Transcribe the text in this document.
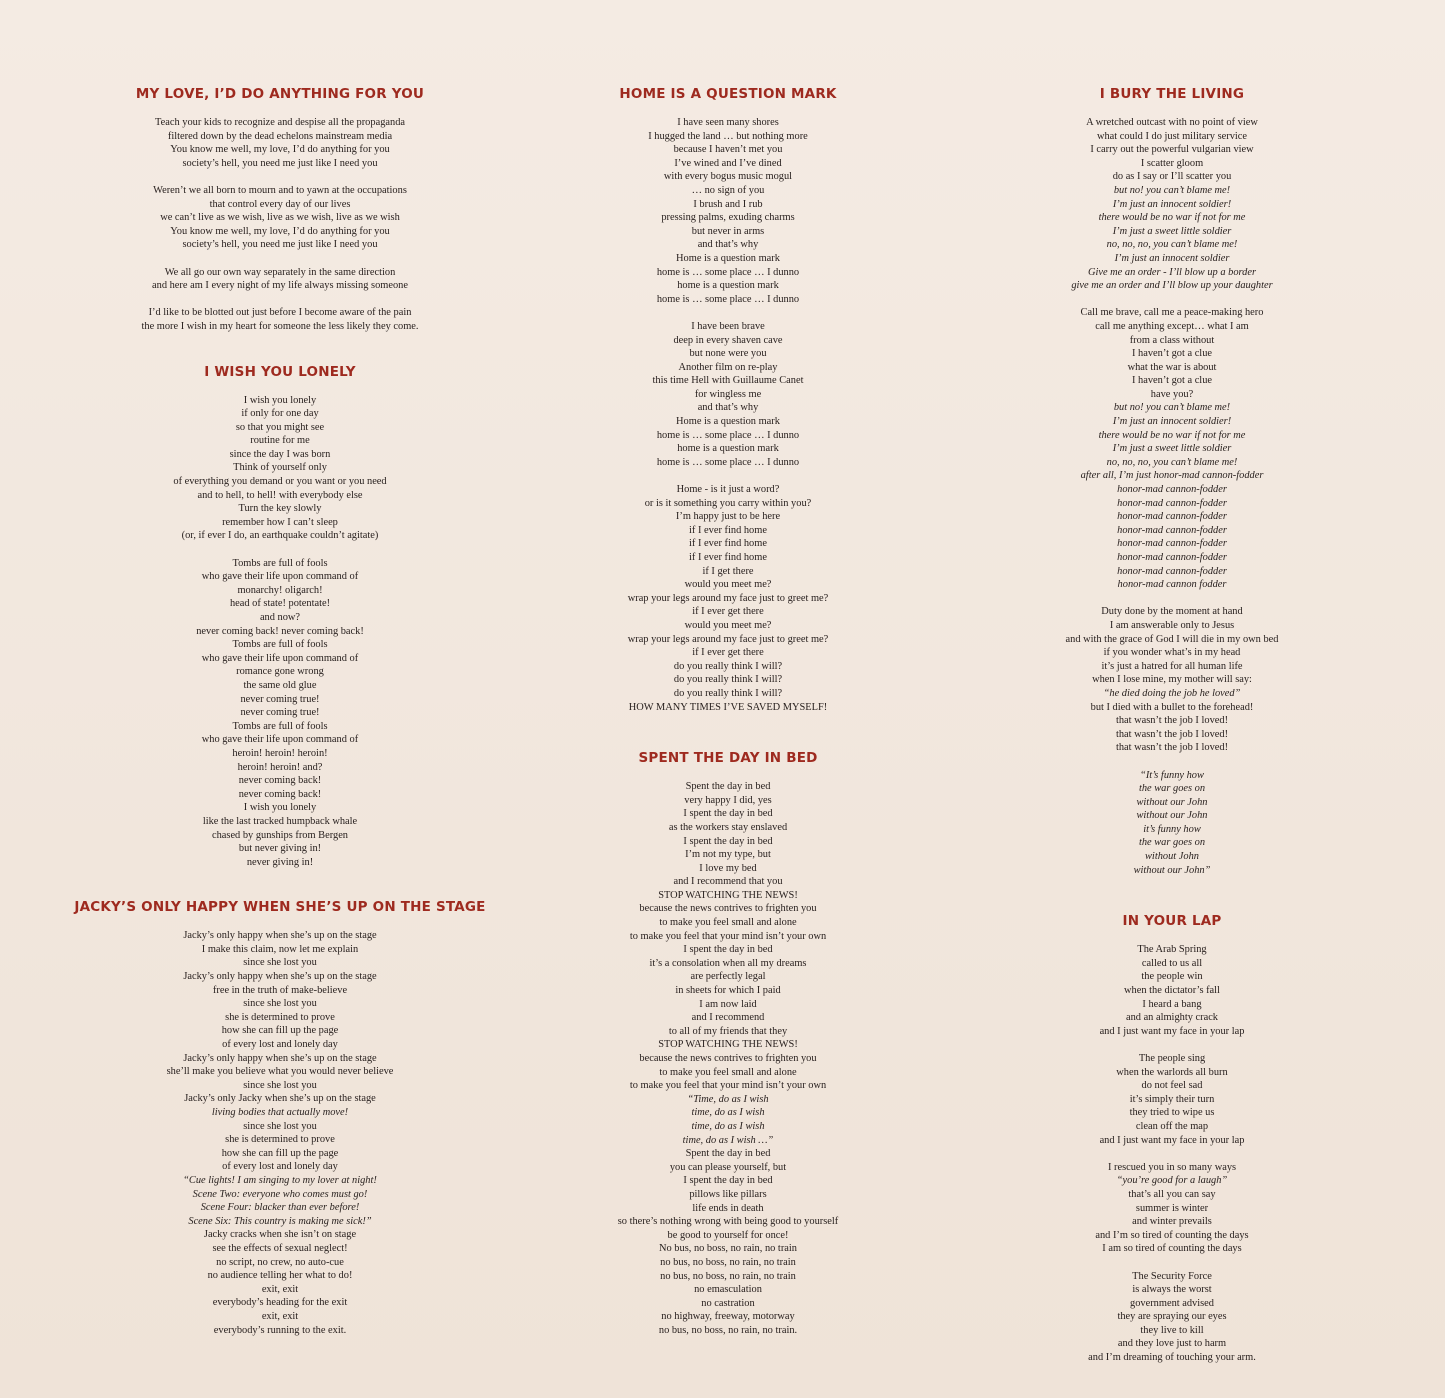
MY LOVE, I’D DO ANYTHING FOR YOU
Teach your kids to recognize and despise all the propaganda
filtered down by the dead echelons mainstream media
You know me well, my love, I’d do anything for you
society’s hell, you need me just like I need you
Weren’t we all born to mourn and to yawn at the occupations
that control every day of our lives
we can’t live as we wish, live as we wish, live as we wish
You know me well, my love, I’d do anything for you
society’s hell, you need me just like I need you
We all go our own way separately in the same direction
and here am I every night of my life always missing someone
I’d like to be blotted out just before I become aware of the pain
the more I wish in my heart for someone the less likely they come.
I WISH YOU LONELY
I wish you lonely
if only for one day
so that you might see
routine for me
since the day I was born
Think of yourself only
of everything you demand or you want or you need
and to hell, to hell! with everybody else
Turn the key slowly
remember how I can’t sleep
(or, if ever I do, an earthquake couldn’t agitate)
Tombs are full of fools
who gave their life upon command of
monarchy! oligarch!
head of state! potentate!
and now?
never coming back! never coming back!
Tombs are full of fools
who gave their life upon command of
romance gone wrong
the same old glue
never coming true!
never coming true!
Tombs are full of fools
who gave their life upon command of
heroin! heroin! heroin!
heroin! heroin! and?
never coming back!
never coming back!
I wish you lonely
like the last tracked humpback whale
chased by gunships from Bergen
but never giving in!
never giving in!
JACKY’S ONLY HAPPY WHEN SHE’S UP ON THE STAGE
Jacky’s only happy when she’s up on the stage
I make this claim, now let me explain
since she lost you
Jacky’s only happy when she’s up on the stage
free in the truth of make-believe
since she lost you
she is determined to prove
how she can fill up the page
of every lost and lonely day
Jacky’s only happy when she’s up on the stage
she’ll make you believe what you would never believe
since she lost you
Jacky’s only Jacky when she’s up on the stage
living bodies that actually move!
since she lost you
she is determined to prove
how she can fill up the page
of every lost and lonely day
“Cue lights! I am singing to my lover at night!
Scene Two: everyone who comes must go!
Scene Four: blacker than ever before!
Scene Six: This country is making me sick!”
Jacky cracks when she isn’t on stage
see the effects of sexual neglect!
no script, no crew, no auto-cue
no audience telling her what to do!
exit, exit
everybody’s heading for the exit
exit, exit
everybody’s running to the exit.
HOME IS A QUESTION MARK
I have seen many shores
I hugged the land … but nothing more
because I haven’t met you
I’ve wined and I’ve dined
with every bogus music mogul
… no sign of you
I brush and I rub
pressing palms, exuding charms
but never in arms
and that’s why
Home is a question mark
home is … some place … I dunno
home is a question mark
home is … some place … I dunno
I have been brave
deep in every shaven cave
but none were you
Another film on re-play
this time Hell with Guillaume Canet
for wingless me
and that’s why
Home is a question mark
home is … some place … I dunno
home is a question mark
home is … some place … I dunno
Home - is it just a word?
or is it something you carry within you?
I’m happy just to be here
if I ever find home
if I ever find home
if I ever find home
if I get there
would you meet me?
wrap your legs around my face just to greet me?
if I ever get there
would you meet me?
wrap your legs around my face just to greet me?
if I ever get there
do you really think I will?
do you really think I will?
do you really think I will?
HOW MANY TIMES I’VE SAVED MYSELF!
SPENT THE DAY IN BED
Spent the day in bed
very happy I did, yes
I spent the day in bed
as the workers stay enslaved
I spent the day in bed
I’m not my type, but
I love my bed
and I recommend that you
STOP WATCHING THE NEWS!
because the news contrives to frighten you
to make you feel small and alone
to make you feel that your mind isn’t your own
I spent the day in bed
it’s a consolation when all my dreams
are perfectly legal
in sheets for which I paid
I am now laid
and I recommend
to all of my friends that they
STOP WATCHING THE NEWS!
because the news contrives to frighten you
to make you feel small and alone
to make you feel that your mind isn’t your own
“Time, do as I wish
time, do as I wish
time, do as I wish
time, do as I wish …”
Spent the day in bed
you can please yourself, but
I spent the day in bed
pillows like pillars
life ends in death
so there’s nothing wrong with being good to yourself
be good to yourself for once!
No bus, no boss, no rain, no train
no bus, no boss, no rain, no train
no bus, no boss, no rain, no train
no emasculation
no castration
no highway, freeway, motorway
no bus, no boss, no rain, no train.
I BURY THE LIVING
A wretched outcast with no point of view
what could I do just military service
I carry out the powerful vulgarian view
I scatter gloom
do as I say or I’ll scatter you
but no! you can’t blame me!
I’m just an innocent soldier!
there would be no war if not for me
I’m just a sweet little soldier
no, no, no, you can’t blame me!
I’m just an innocent soldier
Give me an order - I’ll blow up a border
give me an order and I’ll blow up your daughter
Call me brave, call me a peace-making hero
call me anything except… what I am
from a class without
I haven’t got a clue
what the war is about
I haven’t got a clue
have you?
but no! you can’t blame me!
I’m just an innocent soldier!
there would be no war if not for me
I’m just a sweet little soldier
no, no, no, you can’t blame me!
after all, I’m just honor-mad cannon-fodder
honor-mad cannon-fodder
honor-mad cannon-fodder
honor-mad cannon-fodder
honor-mad cannon-fodder
honor-mad cannon-fodder
honor-mad cannon-fodder
honor-mad cannon-fodder
honor-mad cannon fodder
Duty done by the moment at hand
I am answerable only to Jesus
and with the grace of God I will die in my own bed
if you wonder what’s in my head
it’s just a hatred for all human life
when I lose mine, my mother will say:
“he died doing the job he loved”
but I died with a bullet to the forehead!
that wasn’t the job I loved!
that wasn’t the job I loved!
that wasn’t the job I loved!
“It’s funny how
the war goes on
without our John
without our John
it’s funny how
the war goes on
without John
without our John”
IN YOUR LAP
The Arab Spring
called to us all
the people win
when the dictator’s fall
I heard a bang
and an almighty crack
and I just want my face in your lap
The people sing
when the warlords all burn
do not feel sad
it’s simply their turn
they tried to wipe us
clean off the map
and I just want my face in your lap
I rescued you in so many ways
“you’re good for a laugh”
that’s all you can say
summer is winter
and winter prevails
and I’m so tired of counting the days
I am so tired of counting the days
The Security Force
is always the worst
government advised
they are spraying our eyes
they live to kill
and they love just to harm
and I’m dreaming of touching your arm.
